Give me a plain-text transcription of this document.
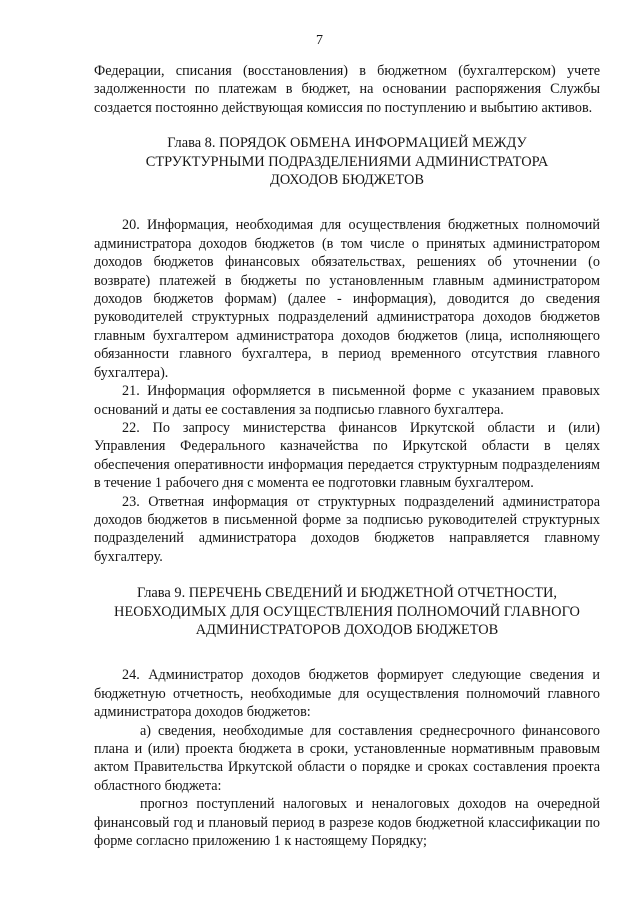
7

Федерации, списания (восстановления) в бюджетном (бухгалтерском) учете задолженности по платежам в бюджет, на основании распоряжения Службы создается постоянно действующая комиссия по поступлению и выбытию активов.

Глава 8. ПОРЯДОК ОБМЕНА ИНФОРМАЦИЕЙ МЕЖДУ
СТРУКТУРНЫМИ ПОДРАЗДЕЛЕНИЯМИ АДМИНИСТРАТОРА
ДОХОДОВ БЮДЖЕТОВ

20. Информация, необходимая для осуществления бюджетных полномочий администратора доходов бюджетов (в том числе о принятых администратором доходов бюджетов финансовых обязательствах, решениях об уточнении (о возврате) платежей в бюджеты по установленным главным администратором доходов бюджетов формам) (далее - информация), доводится до сведения руководителей структурных подразделений администратора доходов бюджетов главным бухгалтером администратора доходов бюджетов (лица, исполняющего обязанности главного бухгалтера, в период временного отсутствия главного бухгалтера).

21. Информация оформляется в письменной форме с указанием правовых оснований и даты ее составления за подписью главного бухгалтера.

22. По запросу министерства финансов Иркутской области и (или) Управления Федерального казначейства по Иркутской области в целях обеспечения оперативности информация передается структурным подразделениям в течение 1 рабочего дня с момента ее подготовки главным бухгалтером.

23. Ответная информация от структурных подразделений администратора доходов бюджетов в письменной форме за подписью руководителей структурных подразделений администратора доходов бюджетов направляется главному бухгалтеру.

Глава 9. ПЕРЕЧЕНЬ СВЕДЕНИЙ И БЮДЖЕТНОЙ ОТЧЕТНОСТИ,
НЕОБХОДИМЫХ ДЛЯ ОСУЩЕСТВЛЕНИЯ ПОЛНОМОЧИЙ ГЛАВНОГО
АДМИНИСТРАТОРОВ ДОХОДОВ БЮДЖЕТОВ

24. Администратор доходов бюджетов формирует следующие сведения и бюджетную отчетность, необходимые для осуществления полномочий главного администратора доходов бюджетов:

а) сведения, необходимые для составления среднесрочного финансового плана и (или) проекта бюджета в сроки, установленные нормативным правовым актом Правительства Иркутской области о порядке и сроках составления проекта областного бюджета:

прогноз поступлений налоговых и неналоговых доходов на очередной финансовый год и плановый период в разрезе кодов бюджетной классификации по форме согласно приложению 1 к настоящему Порядку;
